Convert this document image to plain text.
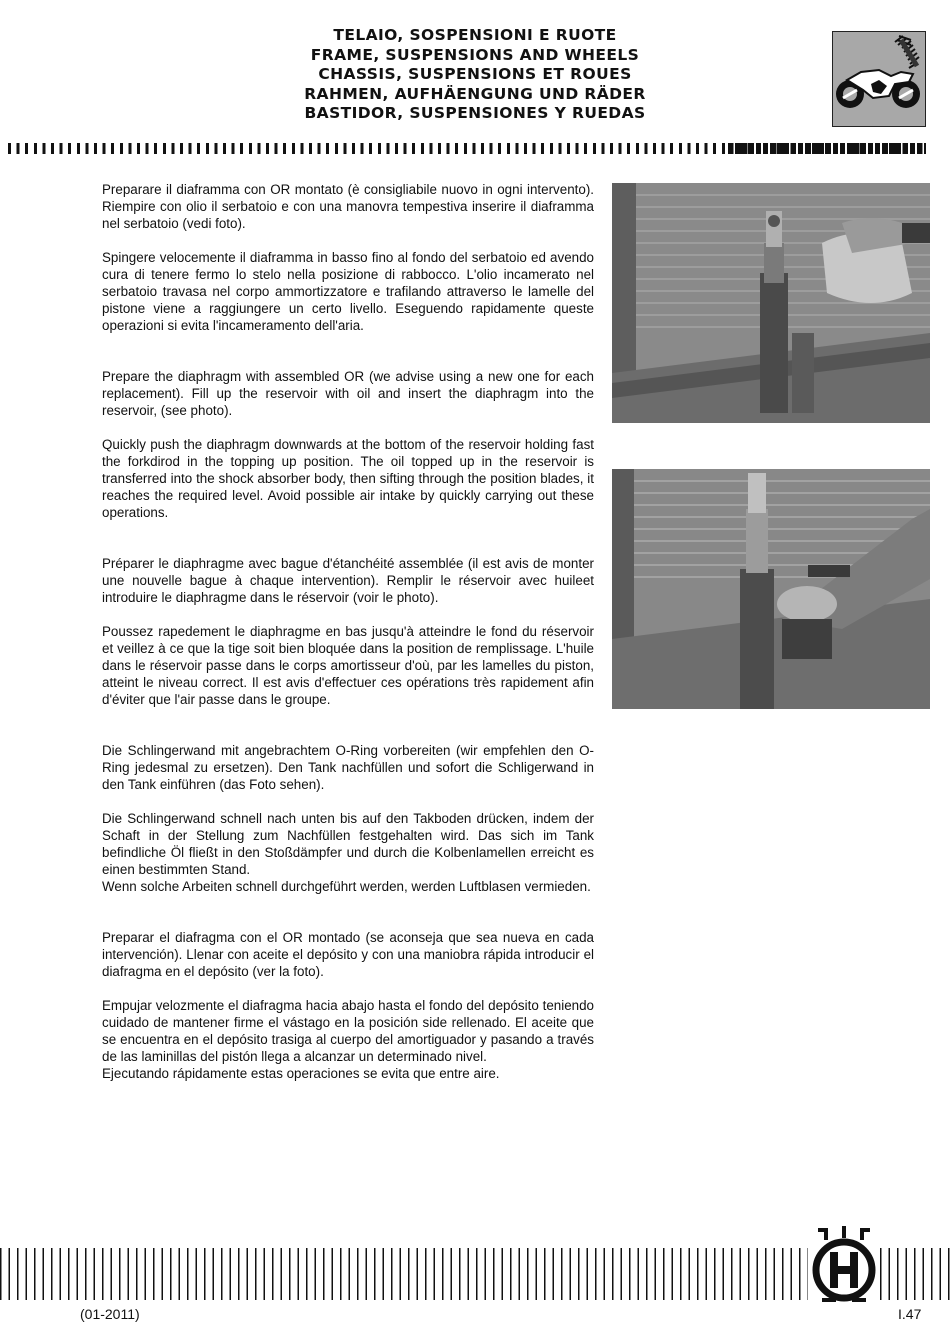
TELAIO, SOSPENSIONI E RUOTE
FRAME, SUSPENSIONS AND WHEELS
CHASSIS, SUSPENSIONS ET ROUES
RAHMEN, AUFHÄENGUNG UND RÄDER
BASTIDOR, SUSPENSIONES Y RUEDAS

Preparare il diaframma con OR montato (è consigliabile nuovo in ogni intervento). Riempire con olio il serbatoio e con una manovra tempestiva inserire il diaframma nel serbatoio (vedi foto).

Spingere velocemente il diaframma in basso fino al fondo del serbatoio ed avendo cura di tenere fermo lo stelo nella posizione di rabbocco. L'olio incamerato nel serbatoio travasa nel corpo ammortizzatore e trafilando attraverso le lamelle del pistone viene a raggiungere un certo livello. Eseguendo rapidamente queste operazioni si evita l'incameramento dell'aria.

Prepare the diaphragm with assembled OR (we advise using a new one for each replacement). Fill up the reservoir with oil and insert the diaphragm into the reservoir, (see photo).

Quickly push the diaphragm downwards at the bottom of the reservoir holding fast the forkdirod in the topping up position. The oil topped up in the reservoir is transferred into the shock absorber body, then sifting through the position blades, it reaches the required level. Avoid possible air intake by quickly carrying out these operations.

Préparer le diaphragme avec bague d'étanchéité assemblée (il est avis de monter une nouvelle bague à chaque intervention). Remplir le réservoir avec huileet introduire le diaphragme dans le réservoir (voir le photo).

Poussez rapedement le diaphragme en bas jusqu'à atteindre le fond du réservoir et veillez à ce que la tige soit bien bloquée dans la position de remplissage. L'huile dans le réservoir passe dans le corps amortisseur d'où, par les lamelles du piston, atteint le niveau correct. Il est avis d'effectuer ces opérations très rapidement afin d'éviter que l'air passe dans le groupe.

Die Schlingerwand mit angebrachtem O-Ring vorbereiten (wir empfehlen den O-Ring jedesmal zu ersetzen). Den Tank nachfüllen und sofort die Schligerwand in den Tank einführen (das Foto sehen).

Die Schlingerwand schnell nach unten bis auf den Takboden drücken, indem der Schaft in der Stellung zum Nachfüllen festgehalten wird. Das sich im Tank befindliche Öl fließt in den Stoßdämpfer und durch die Kolbenlamellen erreicht es einen bestimmten Stand.

Wenn solche Arbeiten schnell durchgeführt werden, werden Luftblasen vermieden.

Preparar el diafragma con el OR montado (se aconseja que sea nueva en cada intervención). Llenar con aceite el depósito y con una maniobra rápida introducir el diafragma en el depósito (ver la foto).

Empujar velozmente el diafragma hacia abajo hasta el fondo del depósito teniendo cuidado de mantener firme el vástago en la posición side rellenado. El aceite que se encuentra en el depósito trasiga al cuerpo del amortiguador y pasando a través de las laminillas del pistón llega a alcanzar un determinado nivel.

Ejecutando rápidamente estas operaciones se evita que entre aire.

(01-2011)	I.47
